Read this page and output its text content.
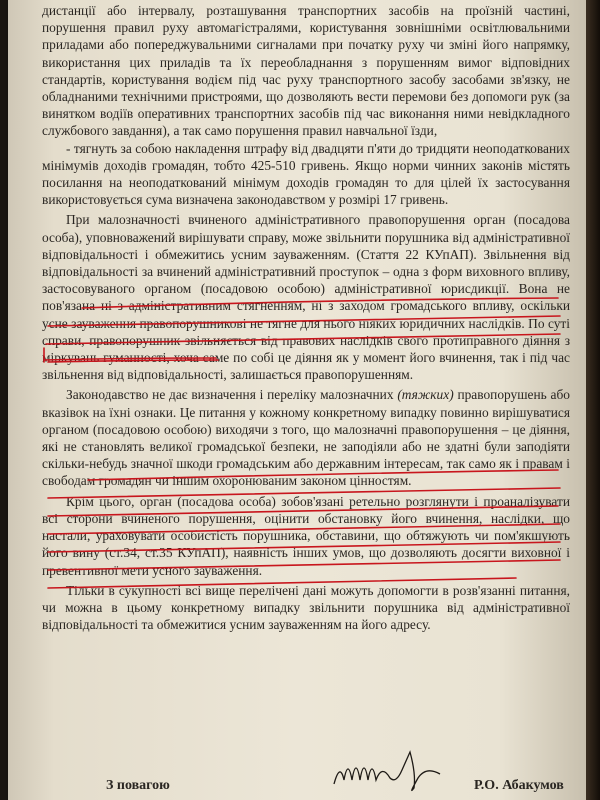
дистанції або інтервалу, розташування транспортних засобів на проїзній частині, порушення правил руху автомагістралями, користування зовнішніми освітлювальними приладами або попереджувальними сигналами при початку руху чи зміні його напрямку, використання цих приладів та їх переобладнання з порушенням вимог відповідних стандартів, користування водієм під час руху транспортного засобу засобами зв'язку, не обладнаними технічними пристроями, що дозволяють вести перемови без допомоги рук (за винятком водіїв оперативних транспортних засобів під час виконання ними невідкладного службового завдання), а так само порушення правил навчальної їзди,

- тягнуть за собою накладення штрафу від двадцяти п'яти до тридцяти неоподаткованих мінімумів доходів громадян, тобто 425-510 гривень. Якщо норми чинних законів містять посилання на неоподаткований мінімум доходів громадян то для цілей їх застосування використовується сума визначена законодавством у розмірі 17 гривень.

При малозначності вчиненого адміністративного правопорушення орган (посадова особа), уповноважений вирішувати справу, може звільнити порушника від адміністративної відповідальності і обмежитись усним зауваженням. (Стаття 22 КУпАП). Звільнення від відповідальності за вчинений адміністративний проступок – одна з форм виховного впливу, застосовуваного органом (посадовою особою) адміністративної юрисдикції. Вона не пов'язана ні з адміністративним стягненням, ні з заходом громадського впливу, оскільки усне зауваження правопорушникові не тягне для нього ніяких юридичних наслідків. По суті справи, правопорушник звільняється від правових наслідків свого протиправного діяння з міркувань гуманності, хоча саме по собі це діяння як у момент його вчинення, так і під час звільнення від відповідальності, залишається правопорушенням.

Законодавство не дає визначення і переліку малозначних (тяжких) правопорушень або вказівок на їхні ознаки. Це питання у кожному конкретному випадку повинно вирішуватися органом (посадовою особою) виходячи з того, що малозначні правопорушення – це діяння, які не становлять великої громадської безпеки, не заподіяли або не здатні були заподіяти скільки-небудь значної шкоди громадським або державним інтересам, так само як і правам і свободам громадян чи іншим охоронюваним законом цінностям.

Крім цього, орган (посадова особа) зобов'язані ретельно розглянути і проаналізувати всі сторони вчиненого порушення, оцінити обстановку його вчинення, наслідки, що настали, ураховувати особистість порушника, обставини, що обтяжують чи пом'якшують його вину (ст.34, ст.35 КУпАП), наявність інших умов, що дозволяють досягти виховної і превентивної мети усного зауваження.

Тільки в сукупності всі вище перелічені дані можуть допомогти в розв'язанні питання, чи можна в цьому конкретному випадку звільнити порушника від адміністративної відповідальності та обмежитися усним зауваженням на його адресу.

З повагою	Р.О. Абакумов
